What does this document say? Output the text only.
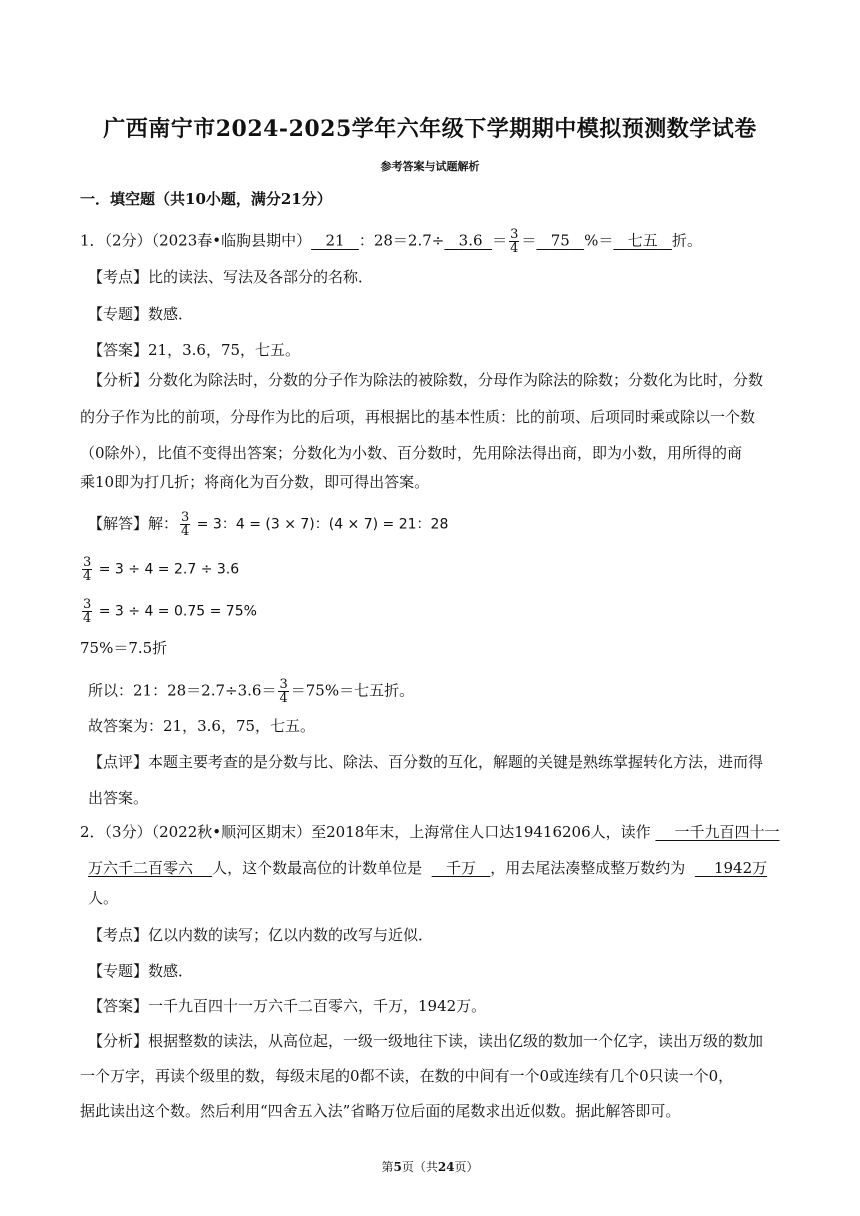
广西南宁市2024-2025学年六年级下学期期中模拟预测数学试卷
参考答案与试题解析
一．填空题（共10小题，满分21分）
1．（2分）（2023春•临朐县期中） 21 ：$28=2.7\div 3.6 = \frac{3}{4} = 75$ %＝ 七五 折。
【考点】比的读法、写法及各部分的名称．
【专题】数感．
【答案】21，3.6，75，七五。
【分析】分数化为除法时，分数的分子作为除法的被除数，分母作为除法的除数；分数化为比时，分数
的分子作为比的前项，分母作为比的后项，再根据比的基本性质：比的前项、后项同时乘或除以一个数
（0除外），比值不变得出答案；分数化为小数、百分数时，先用除法得出商，即为小数，用所得的商
乘10即为打几折；将商化为百分数，即可得出答案。
【解答】解： $\frac{3}{4} = 3$：4 = (3 × 7)：(4 × 7) = 21：28
$\frac{3}{4} = 3 \div 4 = 2.7 \div 3.6$
$\frac{3}{4} = 3 \div 4 = 0.75 = 75\%$
75%＝7.5折
所以：21：$28=2.7\div 3.6= \frac{3}{4} =75\%=$七五折。
故答案为：21，3.6，75，七五。
【点评】本题主要考查的是分数与比、除法、百分数的互化，解题的关键是熟练掌握转化方法，进而得
出答案。
2．（3分）（2022秋•顺河区期末）至2018年末，上海常住人口达19416206人，读作 一千九百四十一
万六千二百零六 人，这个数最高位的计数单位是 千万 ，用去尾法凑整成整万数约为 1942万
人。
【考点】亿以内数的读写；亿以内数的改写与近似．
【专题】数感．
【答案】一千九百四十一万六千二百零六，千万，1942万。
【分析】根据整数的读法，从高位起，一级一级地往下读，读出亿级的数加一个亿字，读出万级的数加
一个万字，再读个级里的数，每级末尾的0都不读，在数的中间有一个0或连续有几个0只读一个0，
据此读出这个数。然后利用“四舍五入法”省略万位后面的尾数求出近似数。据此解答即可。
第5页（共24页）
